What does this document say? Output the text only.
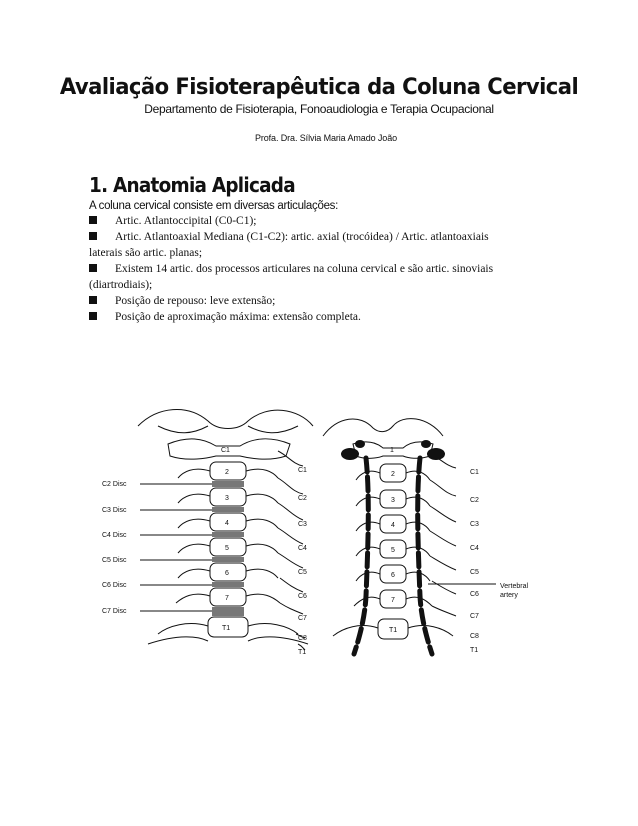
Avaliação Fisioterapêutica da Coluna Cervical
Departamento de Fisioterapia, Fonoaudiologia e Terapia Ocupacional
Profa. Dra. Sílvia Maria Amado João
1. Anatomia Aplicada
A coluna cervical consiste em diversas articulações:
Artic. Atlantoccipital (C0-C1);
Artic. Atlantoaxial Mediana (C1-C2): artic. axial (trocóidea) / Artic. atlantoaxiais
laterais são artic. planas;
Existem 14 artic. dos processos articulares na coluna cervical e são artic. sinoviais
(diartrodiais);
Posição de repouso: leve extensão;
Posição de aproximação máxima: extensão completa.
C2 Disc
C3 Disc
C4 Disc
C5 Disc
C6 Disc
C7 Disc
C1
2
3
4
5
6
7
T1
C1
C2
C3
C4
C5
C6
C7
C8
T1
1
2
3
4
5
6
7
T1
C1
C2
C3
C4
C5
C6
C7
C8
T1
Vertebral
artery
